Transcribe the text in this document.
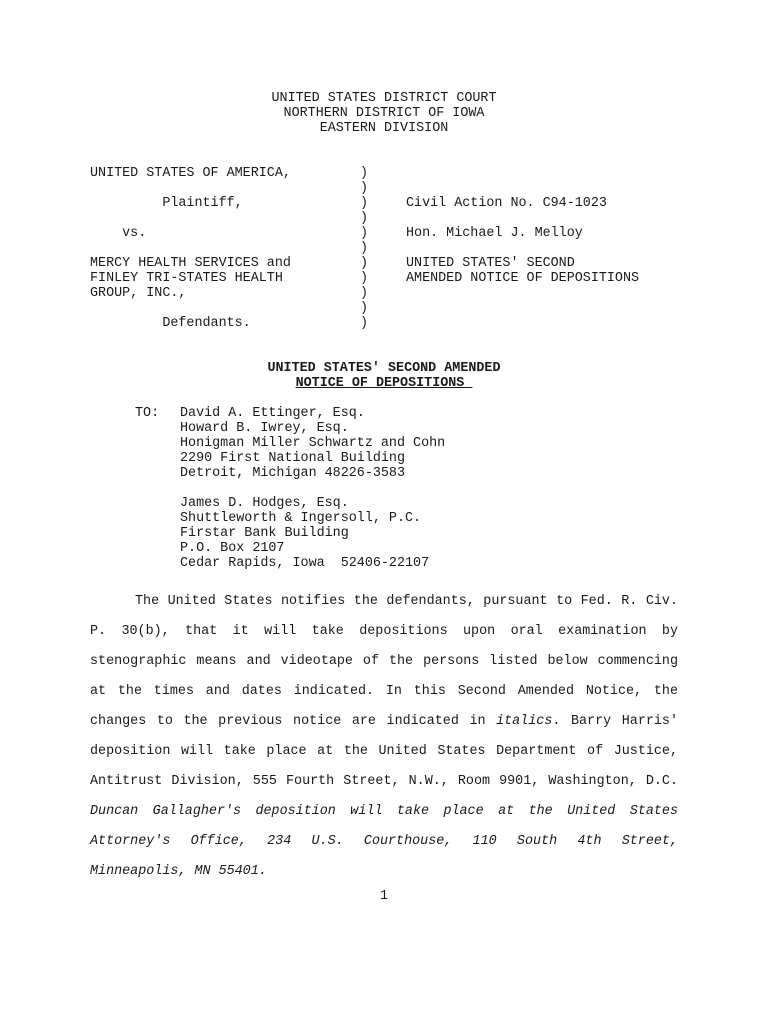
UNITED STATES DISTRICT COURT
NORTHERN DISTRICT OF IOWA
EASTERN DIVISION
UNITED STATES OF AMERICA,
Plaintiff,
vs.
MERCY HEALTH SERVICES and
FINLEY TRI-STATES HEALTH
GROUP, INC.,
Defendants.
)
)
)
)
)
)
)
)
)
)
)
Civil Action No. C94-1023
Hon. Michael J. Melloy
UNITED STATES' SECOND
AMENDED NOTICE OF DEPOSITIONS
UNITED STATES' SECOND AMENDED
NOTICE OF DEPOSITIONS
TO:	David A. Ettinger, Esq.
Howard B. Iwrey, Esq.
Honigman Miller Schwartz and Cohn
2290 First National Building
Detroit, Michigan 48226-3583
James D. Hodges, Esq.
Shuttleworth & Ingersoll, P.C.
Firstar Bank Building
P.O. Box 2107
Cedar Rapids, Iowa  52406-22107

The United States notifies the defendants, pursuant to Fed. R. Civ. P. 30(b), that it will take depositions upon oral examination by stenographic means and videotape of the persons listed below commencing at the times and dates indicated. In this Second Amended Notice, the changes to the previous notice are indicated in italics. Barry Harris' deposition will take place at the United States Department of Justice, Antitrust Division, 555 Fourth Street, N.W., Room 9901, Washington, D.C. Duncan Gallagher's deposition will take place at the United States Attorney's Office, 234 U.S. Courthouse, 110 South 4th Street, Minneapolis, MN 55401.

1
